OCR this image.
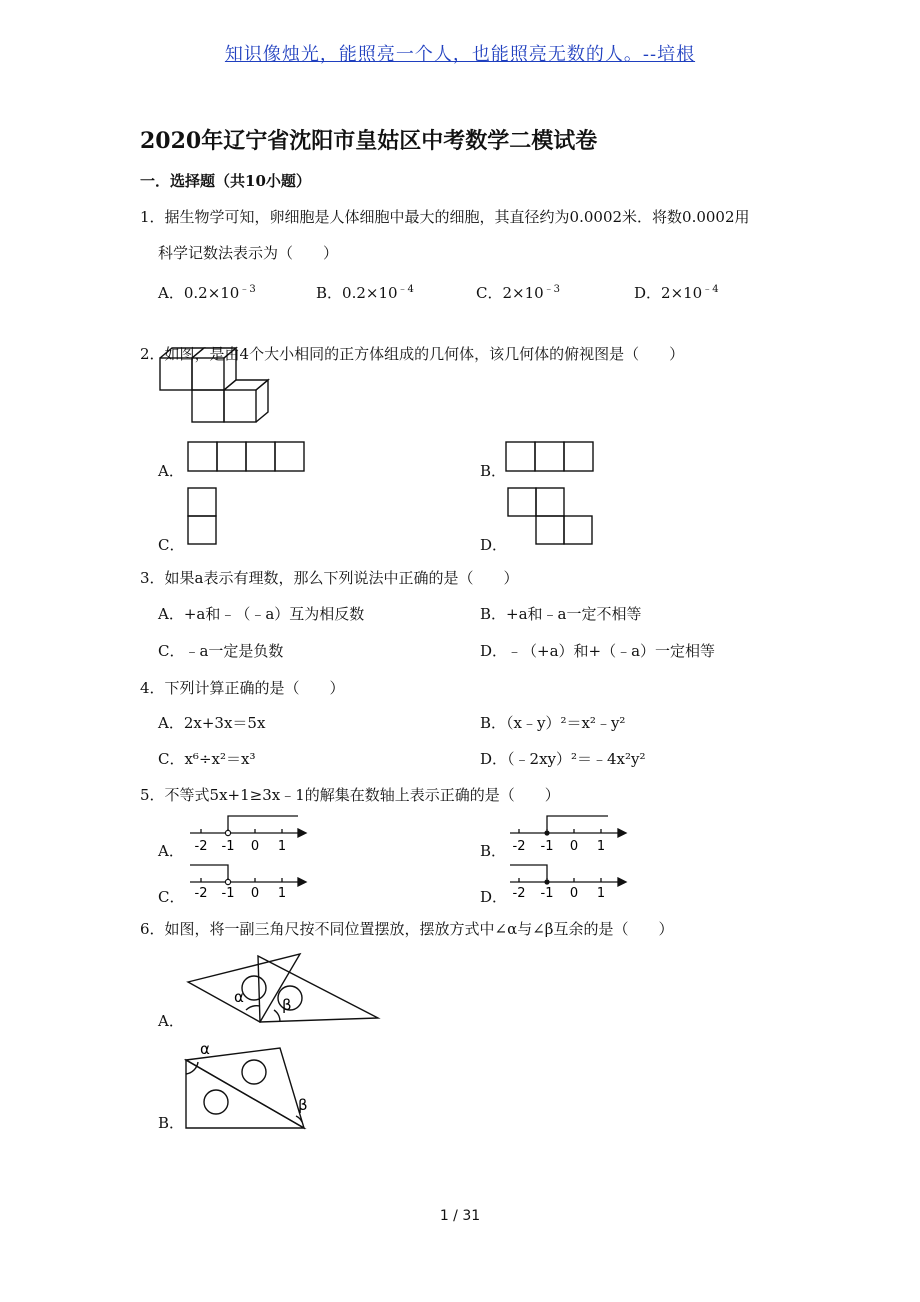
知识像烛光，能照亮一个人，也能照亮无数的人。--培根
2020年辽宁省沈阳市皇姑区中考数学二模试卷
一．选择题（共10小题）
1．据生物学可知，卵细胞是人体细胞中最大的细胞，其直径约为0.0002米．将数0.0002用
科学记数法表示为（　　）
A．$0.2\times 10^{﹣3}$	B．$0.2\times 10^{﹣4}$	C．$2\times 10^{﹣3}$	D．$2\times 10^{﹣4}$
2．如图，是由4个大小相同的正方体组成的几何体，该几何体的俯视图是（　　）
A．	B．
C．	D．
3．如果a表示有理数，那么下列说法中正确的是（　　）
A．+a和﹣（﹣a）互为相反数	B．+a和﹣a一定不相等
C．﹣a一定是负数	D．﹣（+a）和+（﹣a）一定相等
4．下列计算正确的是（　　）
A．2x+3x＝5x	B．（x﹣y）²＝x²﹣y²
C．x⁶÷x²＝x³	D．（﹣2xy）²＝﹣4x²y²
5．不等式5x+1≥3x﹣1的解集在数轴上表示正确的是（　　）
A． -2 -1 0 1	B． -2 -1 0 1
C． -2 -1 0 1	D． -2 -1 0 1
6．如图，将一副三角尺按不同位置摆放，摆放方式中∠α与∠β互余的是（　　）
A．
α	β
B．
α
β
1 / 31
